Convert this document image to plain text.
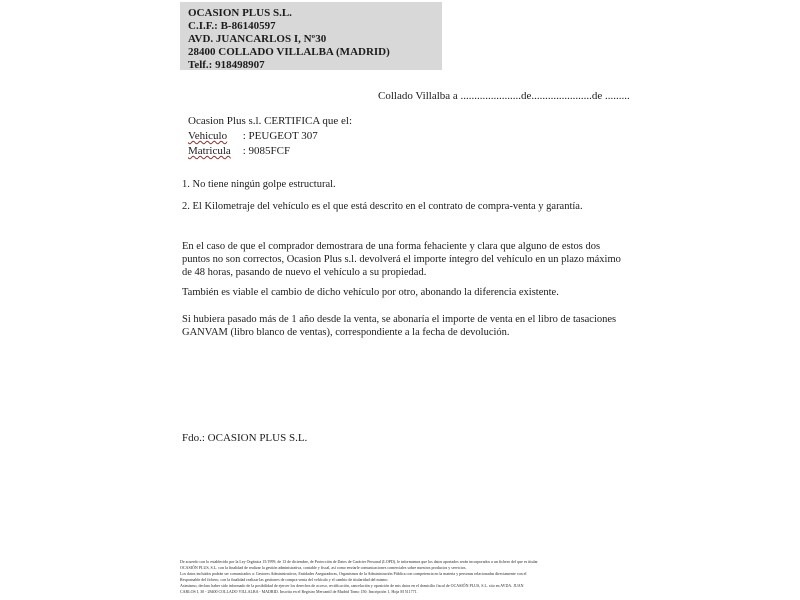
OCASION PLUS S.L.
C.I.F.: B-86140597
AVD. JUANCARLOS I, Nº30
28400 COLLADO VILLALBA (MADRID)
Telf.: 918498907
Collado Villalba a ......................de......................de .........
Ocasion Plus s.l. CERTIFICA que el:
Vehiculo : PEUGEOT 307
Matricula : 9085FCF
1. No tiene ningún golpe estructural.
2. El Kilometraje del vehículo es el que está descrito en el contrato de compra-venta y garantía.
En el caso de que el comprador demostrara de una forma fehaciente y clara que alguno de estos dos puntos no son correctos, Ocasion Plus s.l. devolverá el importe íntegro del vehículo en un plazo máximo de 48 horas, pasando de nuevo el vehículo a su propiedad.
También es viable el cambio de dicho vehículo por otro, abonando la diferencia existente.
Si hubiera pasado más de 1 año desde la venta, se abonaría el importe de venta en el libro de tasaciones GANVAM (libro blanco de ventas), correspondiente a la fecha de devolución.
Fdo.: OCASION PLUS S.L.
De acuerdo con lo establecido por la Ley Orgánica 15/1999, de 13 de diciembre, de Protección de Datos de Carácter Personal (LOPD), le informamos que los datos aportados serán incorporados a un fichero del que es titular
OCASIÓN PLUS, S.L. con la finalidad de realizar la gestión administrativa, contable y fiscal, así como enviarle comunicaciones comerciales sobre nuestros productos y servicios.
Los datos incluidos podrán ser comunicados a: Gestores Administrativos, Entidades Aseguradoras, Organismos de la Administración Pública con competencia en la materia y personas relacionadas directamente con el
Responsable del fichero, con la finalidad realizar las gestiones de compra venta del vehículo y el cambio de titularidad del mismo.
Asimismo, declaro haber sido informado de la posibilidad de ejercer los derechos de acceso, rectificación, cancelación y oposición de mis datos en el domicilio fiscal de OCASIÓN PLUS, S.L. sito en AVDA. JUAN
CARLOS I, 30 - 28400 COLLADO VILLALBA - MADRID. Inscrita en el Registro Mercantil de Madrid Tomo 150; Inscripción 1, Hoja M 511771.
